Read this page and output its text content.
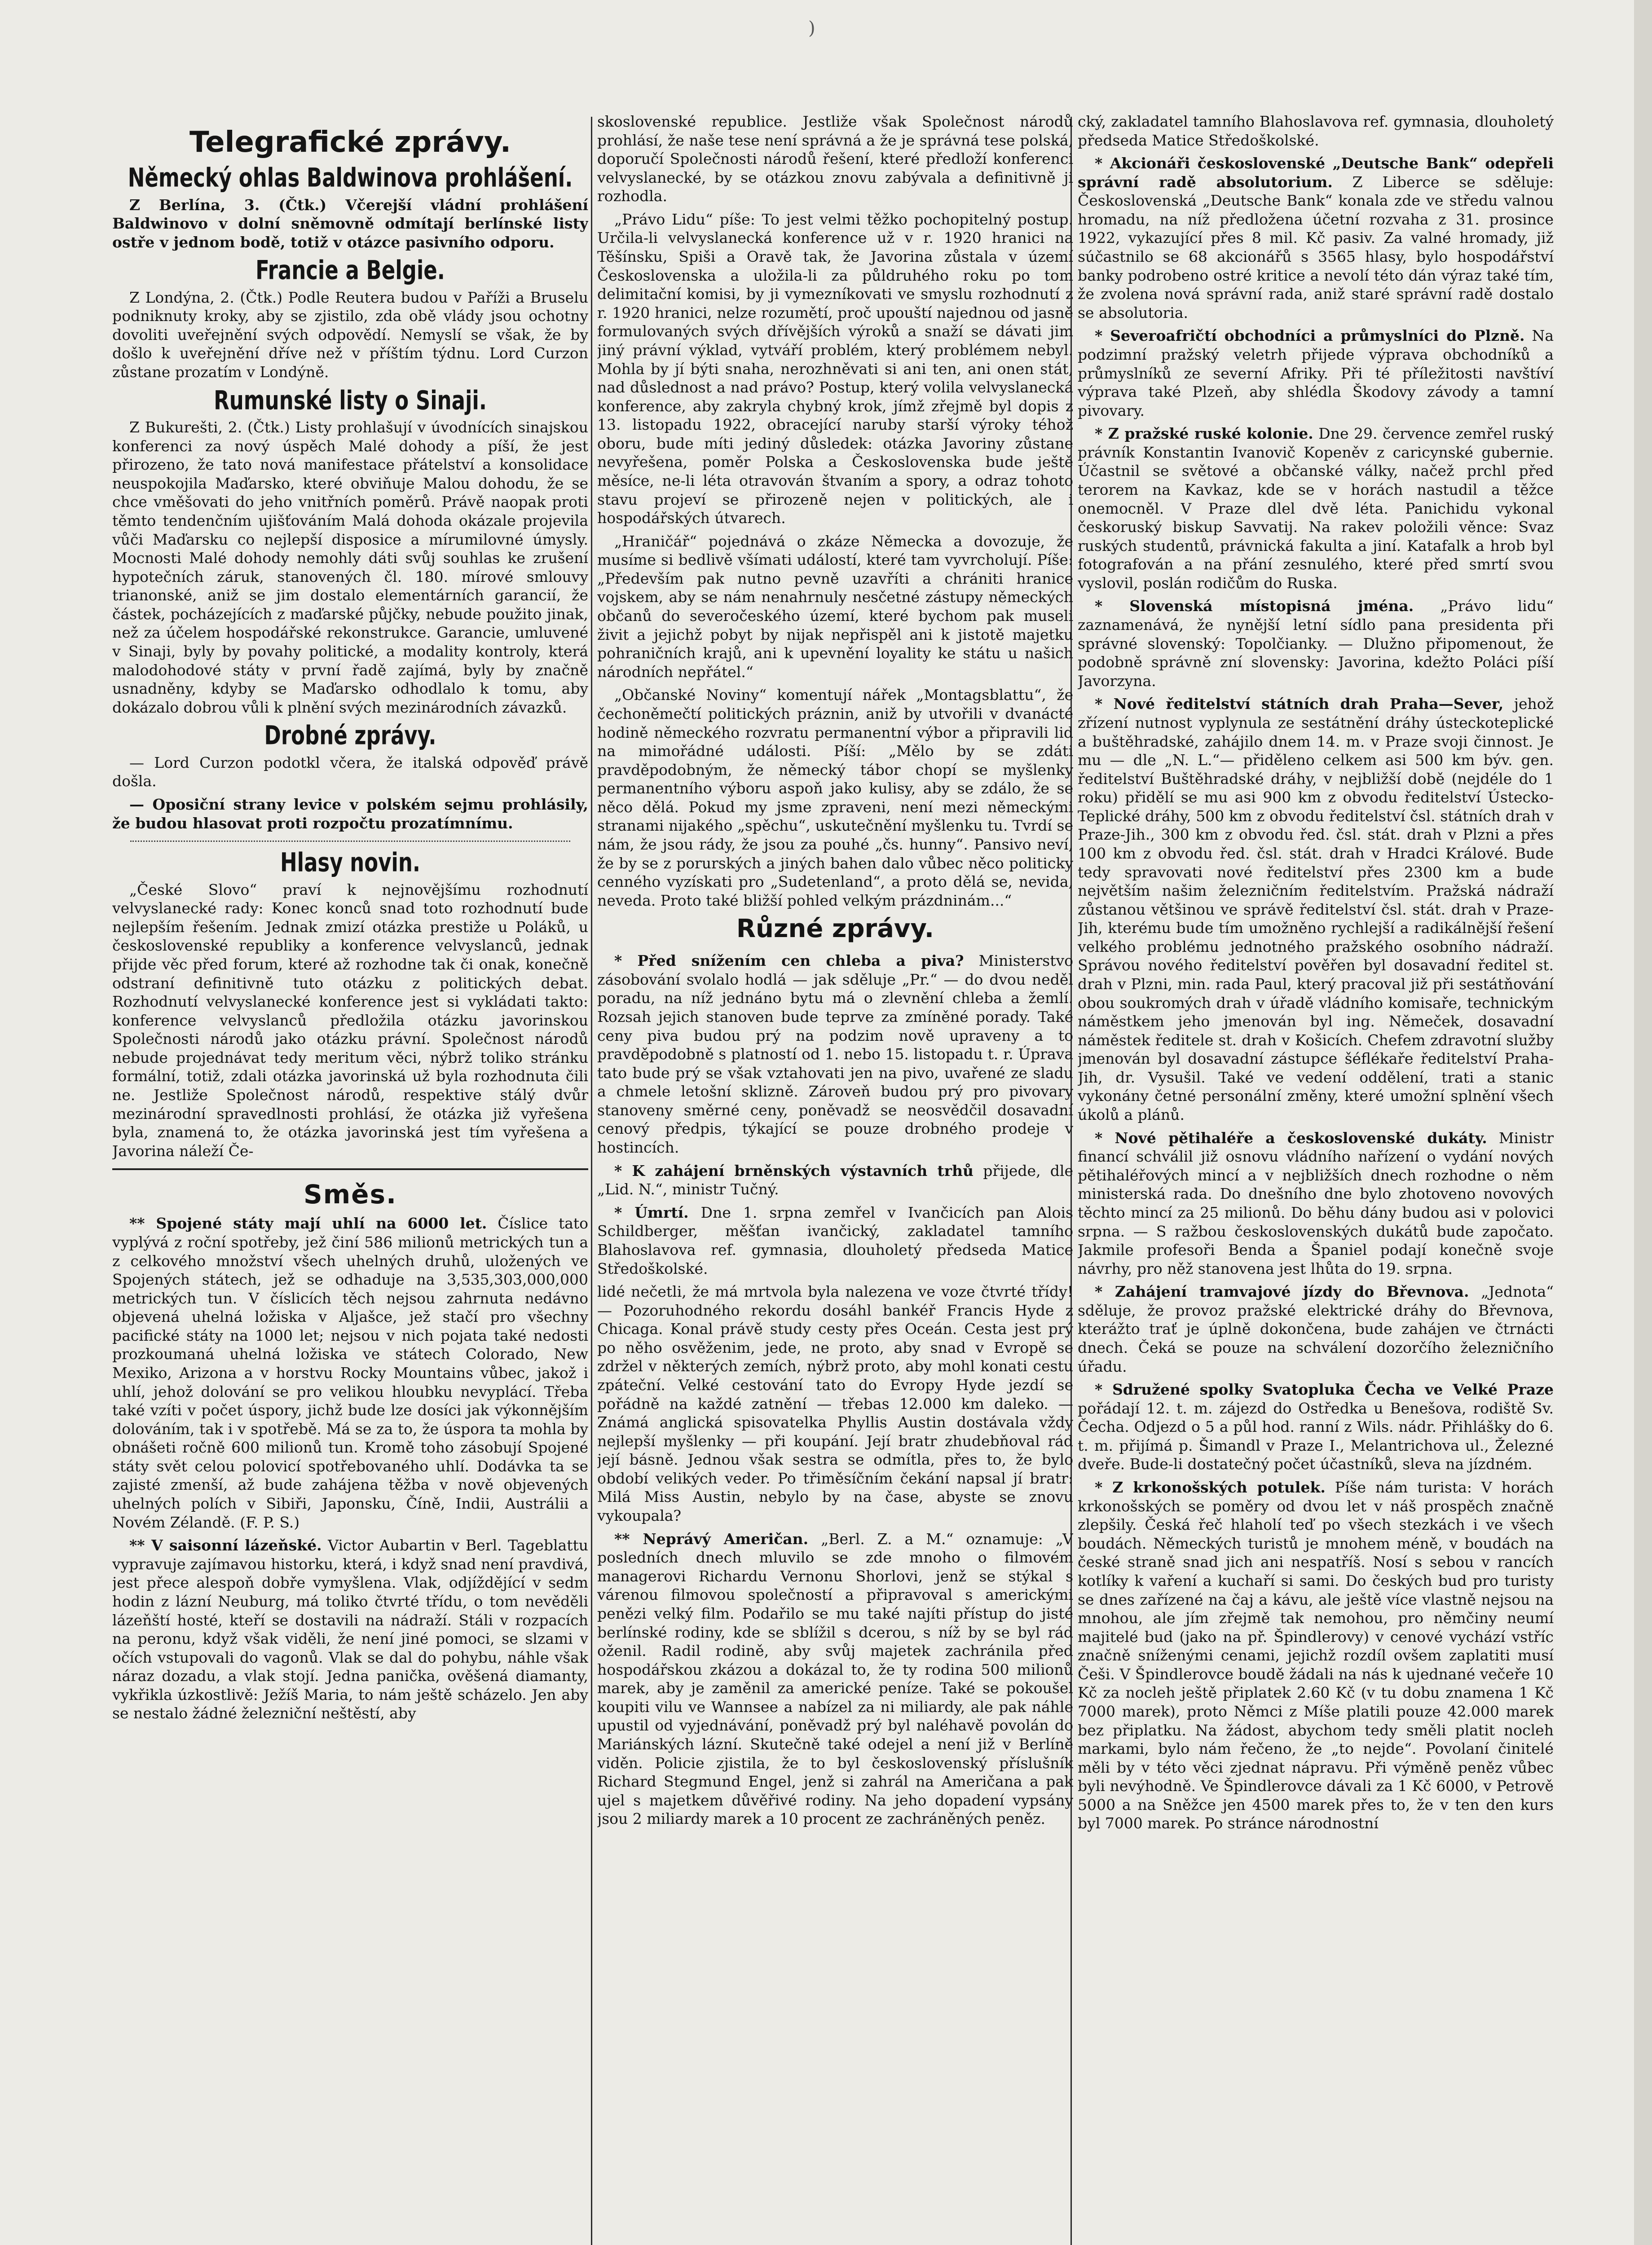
)
Telegrafické zprávy.
Německý ohlas Baldwinova prohlášení.

Z Berlína, 3. (Čtk.) Včerejší vládní prohlášení Baldwinovo v dolní sněmovně odmítají berlínské listy ostře v jednom bodě, totiž v otázce pasivního odporu.

Francie a Belgie.

Z Londýna, 2. (Čtk.) Podle Reutera budou v Paříži a Bruselu podniknuty kroky, aby se zjistilo, zda obě vlády jsou ochotny dovoliti uveřejnění svých odpovědí. Nemyslí se však, že by došlo k uveřejnění dříve než v příštím týdnu. Lord Curzon zůstane prozatím v Londýně.

Rumunské listy o Sinaji.

Z Bukurešti, 2. (Čtk.) Listy prohlašují v úvodnících sinajskou konferenci za nový úspěch Malé dohody a píší, že jest přirozeno, že tato nová manifestace přátelství a konsolidace neuspokojila Maďarsko, které obviňuje Malou dohodu, že se chce vměšovati do jeho vnitřních poměrů. Právě naopak proti těmto tendenčním ujišťováním Malá dohoda okázale projevila vůči Maďarsku co nejlepší disposice a mírumilovné úmysly. Mocnosti Malé dohody nemohly dáti svůj souhlas ke zrušení hypotečních záruk, stanovených čl. 180. mírové smlouvy trianonské, aniž se jim dostalo elementárních garancií, že částek, pocházejících z maďarské půjčky, nebude použito jinak, než za účelem hospodářské rekonstrukce. Garancie, umluvené v Sinaji, byly by povahy politické, a modality kontroly, která malodohodové státy v první řadě zajímá, byly by značně usnadněny, kdyby se Maďarsko odhodlalo k tomu, aby dokázalo dobrou vůli k plnění svých mezinárodních závazků.

Drobné zprávy.

— Lord Curzon podotkl včera, že italská odpověď právě došla.

— Oposiční strany levice v polském sejmu prohlásily, že budou hlasovat proti rozpočtu prozatímnímu.

Hlasy novin.

„České Slovo“ praví k nejnovějšímu rozhodnutí velvyslanecké rady: Konec konců snad toto rozhodnutí bude nejlepším řešením. Jednak zmizí otázka prestiže u Poláků, u československé republiky a konference velvyslanců, jednak přijde věc před forum, které až rozhodne tak či onak, konečně odstraní definitivně tuto otázku z politických debat. Rozhodnutí velvyslanecké konference jest si vykládati takto: konference velvyslanců předložila otázku javorinskou Společnosti národů jako otázku právní. Společnost národů nebude projednávat tedy meritum věci, nýbrž toliko stránku formální, totiž, zdali otázka javorinská už byla rozhodnuta čili ne. Jestliže Společnost národů, respektive stálý dvůr mezinárodní spravedlnosti prohlásí, že otázka již vyřešena byla, znamená to, že otázka javorinská jest tím vyřešena a Javorina náleží Če-

Směs.

** Spojené státy mají uhlí na 6000 let. Číslice tato vyplývá z roční spotřeby, jež činí 586 milionů metrických tun a z celkového množství všech uhelných druhů, uložených ve Spojených státech, jež se odhaduje na 3,535,303,000,000 metrických tun. V číslicích těch nejsou zahrnuta nedávno objevená uhelná ložiska v Aljašce, jež stačí pro všechny pacifické státy na 1000 let; nejsou v nich pojata také nedosti prozkoumaná uhelná ložiska ve státech Colorado, New Mexiko, Arizona a v horstvu Rocky Mountains vůbec, jakož i uhlí, jehož dolování se pro velikou hloubku nevyplácí. Třeba také vzíti v počet úspory, jichž bude lze dosíci jak výkonnějším dolováním, tak i v spotřebě. Má se za to, že úspora ta mohla by obnášeti ročně 600 milionů tun. Kromě toho zásobují Spojené státy svět celou polovicí spotřebovaného uhlí. Dodávka ta se zajisté zmenší, až bude zahájena těžba v nově objevených uhelných polích v Sibiři, Japonsku, Číně, Indii, Austrálii a Novém Zélandě. (F. P. S.)

** V saisonní lázeňské. Victor Aubartin v Berl. Tageblattu vypravuje zajímavou historku, která, i když snad není pravdivá, jest přece alespoň dobře vymyšlena. Vlak, odjíždějící v sedm hodin z lázní Neuburg, má toliko čtvrté třídu, o tom nevěděli lázeňští hosté, kteří se dostavili na nádraží. Stáli v rozpacích na peronu, když však viděli, že není jiné pomoci, se slzami v očích vstupovali do vagonů. Vlak se dal do pohybu, náhle však náraz dozadu, a vlak stojí. Jedna panička, ověšená diamanty, vykřikla úzkostlivě: Ježíš Maria, to nám ještě scházelo. Jen aby se nestalo žádné železniční neštěstí, aby

skoslovenské republice. Jestliže však Společnost národů prohlásí, že naše tese není správná a že je správná tese polská, doporučí Společnosti národů řešení, které předloží konferenci velvyslanecké, by se otázkou znovu zabývala a definitivně ji rozhodla.

„Právo Lidu“ píše: To jest velmi těžko pochopitelný postup. Určila-li velvyslanecká konference už v r. 1920 hranici na Těšínsku, Spiši a Oravě tak, že Javorina zůstala v území Československa a uložila-li za půldruhého roku po tom delimitační komisi, by ji vymezníkovati ve smyslu rozhodnutí z r. 1920 hranici, nelze rozumětí, proč upouští najednou od jasně formulovaných svých dřívějších výroků a snaží se dávati jim jiný právní výklad, vytváří problém, který problémem nebyl. Mohla by jí býti snaha, nerozhněvati si ani ten, ani onen stát, nad důslednost a nad právo? Postup, který volila velvyslanecká konference, aby zakryla chybný krok, jímž zřejmě byl dopis z 13. listopadu 1922, obracející naruby starší výroky téhož oboru, bude míti jediný důsledek: otázka Javoriny zůstane nevyřešena, poměr Polska a Československa bude ještě měsíce, ne-li léta otravován štvaním a spory, a odraz tohoto stavu projeví se přirozeně nejen v politických, ale i hospodářských útvarech.

„Hraničář“ pojednává o zkáze Německa a dovozuje, že musíme si bedlivě všímati událostí, které tam vyvrcholují. Píše: „Především pak nutno pevně uzavříti a chrániti hranice vojskem, aby se nám nenahrnuly nesčetné zástupy německých občanů do severočeského území, které bychom pak museli živit a jejichž pobyt by nijak nepřispěl ani k jistotě majetku pohraničních krajů, ani k upevnění loyality ke státu u našich národních nepřátel.“

„Občanské Noviny“ komentují nářek „Montagsblattu“, že čechoněmečtí politických práznin, aniž by utvořili v dvanácté hodině německého rozvratu permanentní výbor a připravili lid na mimořádné události. Píší: „Mělo by se zdáti pravděpodobným, že německý tábor chopí se myšlenky permanentního výboru aspoň jako kulisy, aby se zdálo, že se něco dělá. Pokud my jsme zpraveni, není mezi německými stranami nijakého „spěchu“, uskutečnění myšlenku tu. Tvrdí se nám, že jsou rády, že jsou za pouhé „čs. hunny“. Pansivo neví, že by se z porurských a jiných bahen dalo vůbec něco politicky cenného vyzískati pro „Sudetenland“, a proto dělá se, nevida, neveda. Proto také bližší pohled velkým prázdninám...“

Různé zprávy.

* Před snížením cen chleba a piva? Ministerstvo zásobování svolalo hodlá — jak sděluje „Pr.“ — do dvou neděl poradu, na níž jednáno bytu má o zlevnění chleba a žemlí. Rozsah jejich stanoven bude teprve za zmíněné porady. Také ceny piva budou prý na podzim nově upraveny a to pravděpodobně s platností od 1. nebo 15. listopadu t. r. Úprava tato bude prý se však vztahovati jen na pivo, uvařené ze sladu a chmele letošní sklizně. Zároveň budou prý pro pivovary stanoveny směrné ceny, poněvadž se neosvědčil dosavadní cenový předpis, týkající se pouze drobného prodeje v hostincích.

* K zahájení brněnských výstavních trhů přijede, dle „Lid. N.“, ministr Tučný.

* Úmrtí. Dne 1. srpna zemřel v Ivančicích pan Alois Schildberger, měšťan ivančický, zakladatel tamního Blahoslavova ref. gymnasia, dlouholetý předseda Matice Středoškolské.

lidé nečetli, že má mrtvola byla nalezena ve voze čtvrté třídy! — Pozoruhodného rekordu dosáhl bankéř Francis Hyde z Chicaga. Konal právě study cesty přes Oceán. Cesta jest prý po něho osvěženim, jede, ne proto, aby snad v Evropě se zdržel v některých zemích, nýbrž proto, aby mohl konati cestu zpáteční. Velké cestování tato do Evropy Hyde jezdí se pořádně na každé zatnění — třebas 12.000 km daleko. — Známá anglická spisovatelka Phyllis Austin dostávala vždy nejlepší myšlenky — při koupání. Její bratr zhudebňoval rád její básně. Jednou však sestra se odmítla, přes to, že bylo období velikých veder. Po třiměsíčním čekání napsal jí bratr: Milá Miss Austin, nebylo by na čase, abyste se znovu vykoupala?

** Neprávý Američan. „Berl. Z. a M.“ oznamuje: „V posledních dnech mluvilo se zde mnoho o filmovém managerovi Richardu Vernonu Shorlovi, jenž se stýkal s várenou filmovou společností a připravoval s americkými penězi velký film. Podařilo se mu také najíti přístup do jisté berlínské rodiny, kde se sblížil s dcerou, s níž by se byl rád oženil. Radil rodině, aby svůj majetek zachránila před hospodářskou zkázou a dokázal to, že ty rodina 500 milionů marek, aby je zaměnil za americké peníze. Také se pokoušel koupiti vilu ve Wannsee a nabízel za ni miliardy, ale pak náhle upustil od vyjednávání, poněvadž prý byl naléhavě povolán do Mariánských lázní. Skutečně také odejel a není již v Berlíně viděn. Policie zjistila, že to byl československý příslušník Richard Stegmund Engel, jenž si zahrál na Američana a pak ujel s majetkem důvěřivé rodiny. Na jeho dopadení vypsány jsou 2 miliardy marek a 10 procent ze zachráněných peněz.

cký, zakladatel tamního Blahoslavova ref. gymnasia, dlouholetý předseda Matice Středoškolské.

* Akcionáři československé „Deutsche Bank“ odepřeli správní radě absolutorium. Z Liberce se sděluje: Československá „Deutsche Bank“ konala zde ve středu valnou hromadu, na níž předložena účetní rozvaha z 31. prosince 1922, vykazující přes 8 mil. Kč pasiv. Za valné hromady, již súčastnilo se 68 akcionářů s 3565 hlasy, bylo hospodářství banky podrobeno ostré kritice a nevolí této dán výraz také tím, že zvolena nová správní rada, aniž staré správní radě dostalo se absolutoria.

* Severoafričtí obchodníci a průmyslníci do Plzně. Na podzimní pražský veletrh přijede výprava obchodníků a průmyslníků ze severní Afriky. Při té příležitosti navštíví výprava také Plzeň, aby shlédla Škodovy závody a tamní pivovary.

* Z pražské ruské kolonie. Dne 29. července zemřel ruský právník Konstantin Ivanovič Kореněv z caricynské gubernie. Účastnil se světové a občanské války, načež prchl před terorem na Kavkaz, kde se v horách nastudil a těžce onemocněl. V Praze dlel dvě léta. Panichidu vykonal českoruský biskup Savvatij. Na rakev položili věnce: Svaz ruských studentů, právnická fakulta a jiní. Katafalk a hrob byl fotografován a na přání zesnulého, které před smrtí svou vyslovil, poslán rodičům do Ruska.

* Slovenská místopisná jména. „Právo lidu“ zaznamenává, že nynější letní sídlo pana presidenta při správné slovenský: Topolčianky. — Dlužno připomenout, že podobně správně zní slovensky: Javorina, kdežto Poláci píší Javorzyna.

* Nové ředitelství státních drah Praha—Sever, jehož zřízení nutnost vyplynula ze sestátnění dráhy ústeckoteplické a buštěhradské, zahájilo dnem 14. m. v Praze svoji činnost. Je mu — dle „N. L.“— přiděleno celkem asi 500 km býv. gen. ředitelství Buštěhradské dráhy, v nejbližší době (nejdéle do 1 roku) přidělí se mu asi 900 km z obvodu ředitelství Ústecko-Teplické dráhy, 500 km z obvodu ředitelství čsl. státních drah v Praze-Jih., 300 km z obvodu řed. čsl. stát. drah v Plzni a přes 100 km z obvodu řed. čsl. stát. drah v Hradci Králové. Bude tedy spravovati nové ředitelství přes 2300 km a bude největším našim železničním ředitelstvím. Pražská nádraží zůstanou většinou ve správě ředitelství čsl. stát. drah v Praze-Jih, kterému bude tím umožněno rychlejší a radikálnější řešení velkého problému jednotného pražského osobního nádraží. Správou nového ředitelství pověřen byl dosavadní ředitel st. drah v Plzni, min. rada Paul, který pracoval již při sestátňování obou soukromých drah v úřadě vládního komisaře, technickým náměstkem jeho jmenován byl ing. Němeček, dosavadní náměstek ředitele st. drah v Košicích. Chefem zdravotní služby jmenován byl dosavadní zástupce šéflékaře ředitelství Praha-Jih, dr. Vysušil. Také ve vedení oddělení, trati a stanic vykonány četné personální změny, které umožní splnění všech úkolů a plánů.

* Nové pětihaléře a československé dukáty. Ministr financí schválil již osnovu vládního nařízení o vydání nových pětihaléřových mincí a v nejbližších dnech rozhodne o něm ministerská rada. Do dnešního dne bylo zhotoveno novových těchto mincí za 25 milionů. Do běhu dány budou asi v polovici srpna. — S ražbou československých dukátů bude započato. Jakmile profesoři Benda a Španiel podají konečně svoje návrhy, pro něž stanovena jest lhůta do 19. srpna.

* Zahájení tramvajové jízdy do Břevnova. „Jednota“ sděluje, že provoz pražské elektrické dráhy do Břevnova, kterážto trať je úplně dokončena, bude zahájen ve čtrnácti dnech. Čeká se pouze na schválení dozorčího železničního úřadu.

* Sdružené spolky Svatopluka Čecha ve Velké Praze pořádají 12. t. m. zájezd do Ostředka u Benešova, rodiště Sv. Čecha. Odjezd o 5 a půl hod. ranní z Wils. nádr. Přihlášky do 6. t. m. přijímá p. Šimandl v Praze I., Melantrichova ul., Železné dveře. Bude-li dostatečný počet účastníků, sleva na jízdném.

* Z krkonošských potulek. Píše nám turista: V horách krkonošských se poměry od dvou let v náš prospěch značně zlepšily. Česká řeč hlaholí teď po všech stezkách i ve všech boudách. Německých turistů je mnohem méně, v boudách na české straně snad jich ani nespatříš. Nosí s sebou v rancích kotlíky k vaření a kuchaří si sami. Do českých bud pro turisty se dnes zařízené na čaj a kávu, ale ještě více vlastně nejsou na mnohou, ale jím zřejmě tak nemohou, pro němčiny neumí majitelé bud (jako na př. Špindlerovy) v cenové vychází vstříc značně sníženými cenami, jejichž rozdíl ovšem zaplatiti musí Češi. V Špindlerovce boudě žádali na nás k ujednané večeře 10 Kč za nocleh ještě připlatek 2.60 Kč (v tu dobu znamena 1 Kč 7000 marek), proto Němci z Míše platili pouze 42.000 marek bez připlatku. Na žádost, abychom tedy směli platit nocleh markami, bylo nám řečeno, že „to nejde“. Povolaní činitelé měli by v této věci zjednat nápravu. Při výměně peněz vůbec byli nevýhodně. Ve Špindlerovce dávali za 1 Kč 6000, v Petrově 5000 a na Sněžce jen 4500 marek přes to, že v ten den kurs byl 7000 marek. Po stránce národnostní
